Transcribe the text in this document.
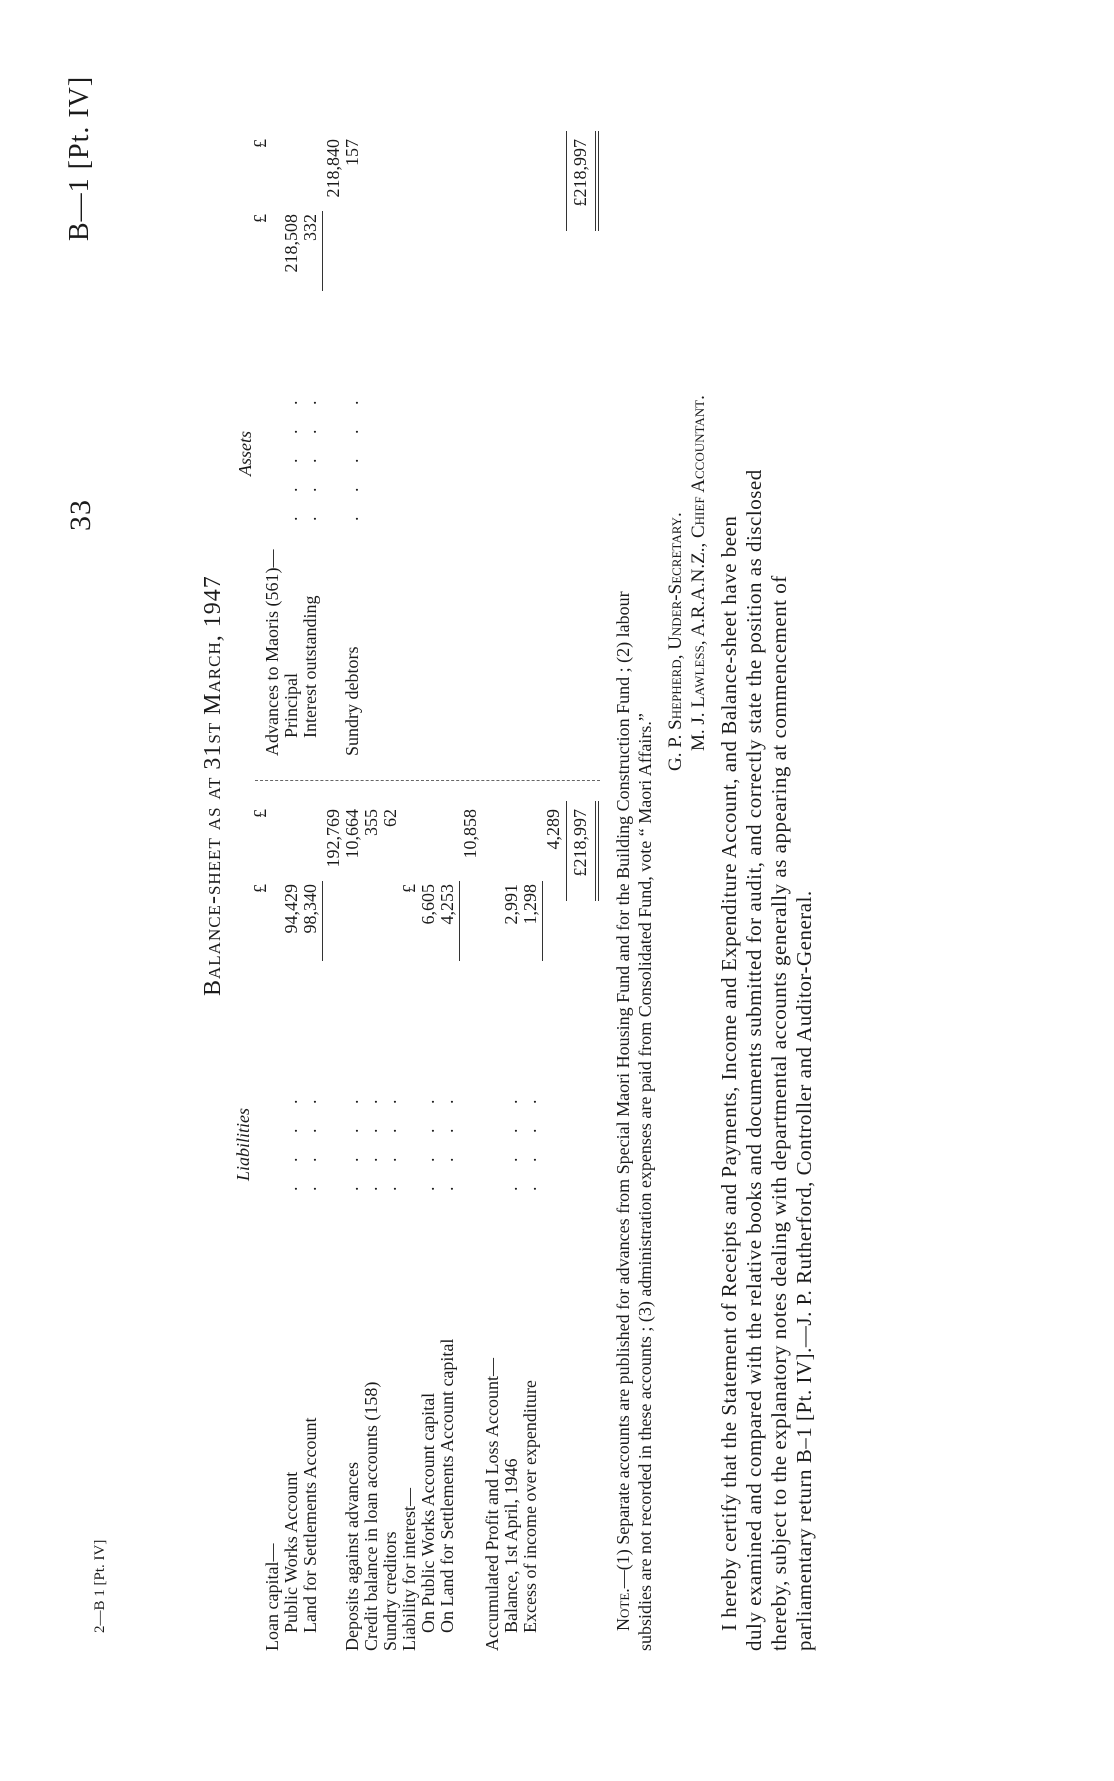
33
B—1 [Pt. IV]
2—B 1 [Pt. IV]
Balance-sheet as at 31st March, 1947
Liabilities
Assets
£
£
Loan capital— Public Works Account
. . . .
94,429
Land for Settlements Account
. . . .
98,340
192,769
Deposits against advances
. . . .
10,664
Credit balance in loan accounts (158)
. . . .
355
Sundry creditors
. . . .
62
Liability for interest—
£
On Public Works Account capital
. . . .
6,605
On Land for Settlements Account capital
. . . .
4,253
10,858
Accumulated Profit and Loss Account— Balance, 1st April, 1946
. . . .
2,991
Excess of income over expenditure
. . . .
1,298
4,289 £218,997
£
£
Advances to Maoris (561)— Principal
. . . . .
218,508
Interest outstanding
. . . . .
332
218,840
Sundry debtors
. . . . .
157	£218,997
Note.—(1) Separate accounts are published for advances from Special Maori Housing Fund and for the Building Construction Fund ; (2) labour subsidies are not recorded in these accounts ; (3) administration expenses are paid from Consolidated Fund, vote “ Maori Affairs.”
G. P. Shepherd, Under-Secretary. M. J. Lawless, A.R.A.N.Z., Chief Accountant. I hereby certify that the Statement of Receipts and Payments, Income and Expenditure Account, and Balance-sheet have been duly examined and compared with the relative books and documents submitted for audit, and correctly state the position as disclosed thereby, subject to the explanatory notes dealing with departmental accounts generally as appearing at commencement of parliamentary return B–1 [Pt. IV].—J. P. Rutherford, Controller and Auditor-General.
